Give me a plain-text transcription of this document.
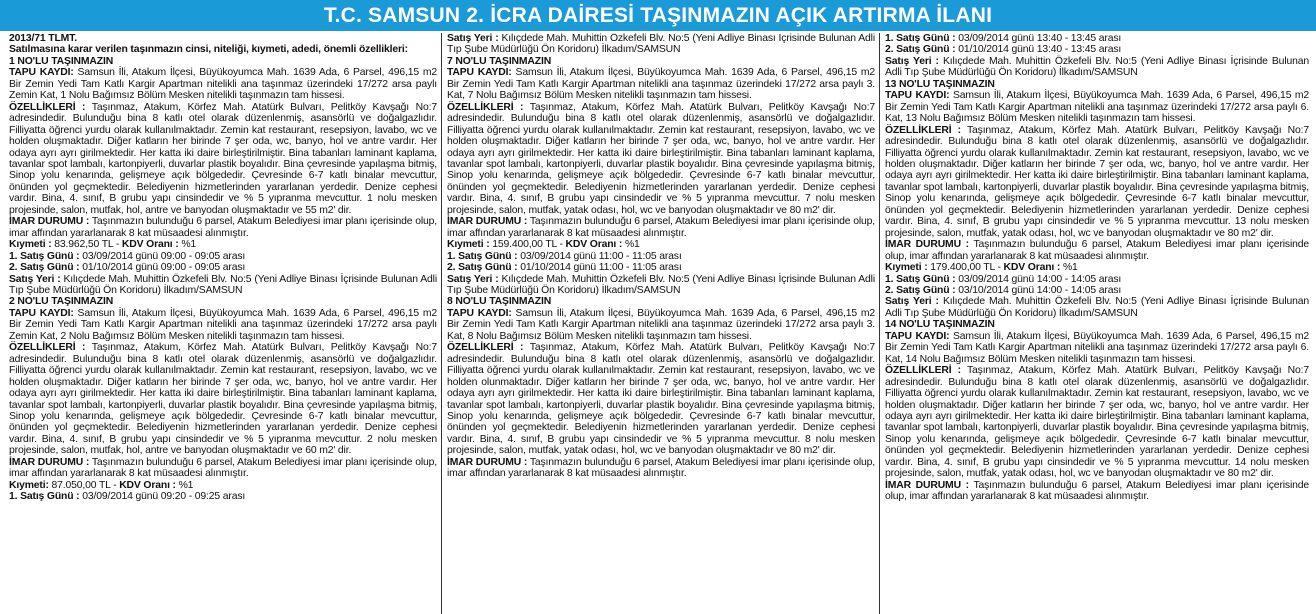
T.C. SAMSUN 2. İCRA DAİRESİ TAŞINMAZIN AÇIK ARTIRMA İLANI
2013/71 TLMT.
Satılmasına karar verilen taşınmazın cinsi, niteliği, kıymeti, adedi, önemli özellikleri:
1 NO'LU TAŞINMAZIN
TAPU KAYDI: Samsun İli, Atakum İlçesi, Büyükoyumca Mah. 1639 Ada, 6 Parsel, 496,15 m2 Bir Zemin Yedi Tam Katlı Kargir Apartman nitelikli ana taşınmaz üzerindeki 17/272 arsa paylı Zemin Kat, 1 Nolu Bağımsız Bölüm Mesken nitelikli taşınmazın tam hissesi.
ÖZELLİKLERİ : Taşınmaz, Atakum, Körfez Mah. Atatürk Bulvarı, Pelitköy Kavşağı No:7 adresindedir. Bulunduğu bina 8 katlı otel olarak düzenlenmiş, asansörlü ve doğalgazlıdır. Filliyatta öğrenci yurdu olarak kullanılmaktadır. Zemin kat restaurant, resepsiyon, lavabo, wc ve holden oluşmaktadır. Diğer katların her birinde 7 şer oda, wc, banyo, hol ve antre vardır. Her odaya ayrı ayrı girilmektedir. Her katta iki daire birleştirilmiştir. Bina tabanları laminant kaplama, tavanlar spot lambalı, kartonpiyerli, duvarlar plastik boyalıdır. Bina çevresinde yapılaşma bitmiş, Sinop yolu kenarında, gelişmeye açık bölgededir. Çevresinde 6-7 katlı binalar mevcuttur, önünden yol geçmektedir. Belediyenin hizmetlerinden yararlanan yerdedir. Denize cephesi vardır. Bina, 4. sınıf, B grubu yapı cinsindedir ve % 5 yıpranma mevcuttur. 1 nolu mesken projesinde, salon, mutfak, hol, antre ve banyodan oluşmaktadır ve 55 m2' dir.
İMAR DURUMU : Taşınmazın bulunduğu 6 parsel, Atakum Belediyesi imar planı içerisinde olup, imar affından yararlanarak 8 kat müsaadesi alınmıştır.
Kıymeti : 83.962,50 TL - KDV Oranı : %1
1. Satış Günü : 03/09/2014 günü 09:00 - 09:05 arası
2. Satış Günü : 01/10/2014 günü 09:00 - 09:05 arası
Satış Yeri : Kılıçdede Mah. Muhittin Özkefeli Blv. No:5 (Yeni Adliye Binası İçrisinde Bulunan Adli Tıp Şube Müdürlüğü Ön Koridoru) İlkadım/SAMSUN
2 NO'LU TAŞINMAZIN
TAPU KAYDI: Samsun İli, Atakum İlçesi, Büyükoyumca Mah. 1639 Ada, 6 Parsel, 496,15 m2 Bir Zemin Yedi Tam Katlı Kargir Apartman nitelikli ana taşınmaz üzerindeki 17/272 arsa paylı Zemin Kat, 2 Nolu Bağımsız Bölüm Mesken nitelikli taşınmazın tam hissesi.
ÖZELLİKLERİ : Taşınmaz, Atakum, Körfez Mah. Atatürk Bulvarı, Pelitköy Kavşağı No:7 adresindedir. Bulunduğu bina 8 katlı otel olarak düzenlenmiş, asansörlü ve doğalgazlıdır. Filliyatta öğrenci yurdu olarak kullanılmaktadır. Zemin kat restaurant, resepsiyon, lavabo, wc ve holden oluşmaktadır. Diğer katların her birinde 7 şer oda, wc, banyo, hol ve antre vardır. Her odaya ayrı ayrı girilmektedir. Her katta iki daire birleştirilmiştir. Bina tabanları laminant kaplama, tavanlar spot lambalı, kartonpiyerli, duvarlar plastik boyalıdır. Bina çevresinde yapılaşma bitmiş, Sinop yolu kenarında, gelişmeye açık bölgededir. Çevresinde 6-7 katlı binalar mevcuttur, önünden yol geçmektedir. Belediyenin hizmetlerinden yararlanan yerdedir. Denize cephesi vardır. Bina, 4. sınıf, B grubu yapı cinsindedir ve % 5 yıpranma mevcuttur. 2 nolu mesken projesinde, salon, mutfak, hol, antre ve banyodan oluşmaktadır ve 60 m2' dir.
İMAR DURUMU : Taşınmazın bulunduğu 6 parsel, Atakum Belediyesi imar planı içerisinde olup, imar affından yararlanarak 8 kat müsaadesi alınmıştır.
Kıymeti: 87.050,00 TL - KDV Oranı : %1
1. Satış Günü : 03/09/2014 günü 09:20 - 09:25 arası
Satış Yeri : Kılıçdede Mah. Muhittin Özkefeli Blv. No:5 (Yeni Adliye Binası İçrisinde Bulunan Adli Tıp Şube Müdürlüğü Ön Koridoru) İlkadım/SAMSUN
7 NO'LU TAŞINMAZIN
TAPU KAYDI: Samsun İli, Atakum İlçesi, Büyükoyumca Mah. 1639 Ada, 6 Parsel, 496,15 m2 Bir Zemin Yedi Tam Katlı Kargir Apartman nitelikli ana taşınmaz üzerindeki 17/272 arsa paylı 3. Kat, 7 Nolu Bağımsız Bölüm Mesken nitelikli taşınmazın tam hissesi.
ÖZELLİKLERİ : Taşınmaz, Atakum, Körfez Mah. Atatürk Bulvarı, Pelitköy Kavşağı No:7 adresindedir. Bulunduğu bina 8 katlı otel olarak düzenlenmiş, asansörlü ve doğalgazlıdır. Filliyatta öğrenci yurdu olarak kullanılmaktadır. Zemin kat restaurant, resepsiyon, lavabo, wc ve holden oluşmaktadır. Diğer katların her birinde 7 şer oda, wc, banyo, hol ve antre vardır. Her odaya ayrı ayrı girilmektedir. Her katta iki daire birleştirilmiştir. Bina tabanları laminant kaplama, tavanlar spot lambalı, kartonpiyerli, duvarlar plastik boyalıdır. Bina çevresinde yapılaşma bitmiş, Sinop yolu kenarında, gelişmeye açık bölgededir. Çevresinde 6-7 katlı binalar mevcuttur, önünden yol geçmektedir. Belediyenin hizmetlerinden yararlanan yerdedir. Denize cephesi vardır. Bina, 4. sınıf, B grubu yapı cinsindedir ve % 5 yıpranma mevcuttur. 7 nolu mesken projesinde, salon, mutfak, yatak odası, hol, wc ve banyodan oluşmaktadır ve 80 m2' dir.
İMAR DURUMU : Taşınmazın bulunduğu 6 parsel, Atakum Belediyesi imar planı içerisinde olup, imar affından yararlanarak 8 kat müsaadesi alınmıştır.
Kıymeti : 159.400,00 TL - KDV Oranı : %1
1. Satış Günü : 03/09/2014 günü 11:00 - 11:05 arası
2. Satış Günü : 01/10/2014 günü 11:00 - 11:05 arası
Satış Yeri : Kılıçdede Mah. Muhittin Özkefeli Blv. No:5 (Yeni Adliye Binası İçrisinde Bulunan Adli Tıp Şube Müdürlüğü Ön Koridoru) İlkadım/SAMSUN
8 NO'LU TAŞINMAZIN
TAPU KAYDI: Samsun İli, Atakum İlçesi, Büyükoyumca Mah. 1639 Ada, 6 Parsel, 496,15 m2 Bir Zemin Yedi Tam Katlı Kargir Apartman nitelikli ana taşınmaz üzerindeki 17/272 arsa paylı 3. Kat, 8 Nolu Bağımsız Bölüm Mesken nitelikli taşınmazın tam hissesi.
ÖZELLİKLERİ : Taşınmaz, Atakum, Körfez Mah. Atatürk Bulvarı, Pelitköy Kavşağı No:7 adresindedir. Bulunduğu bina 8 katlı otel olarak düzenlenmiş, asansörlü ve doğalgazlıdır. Filliyatta öğrenci yurdu olarak kullanılmaktadır. Zemin kat restaurant, resepsiyon, lavabo, wc ve holden olunmaktadır. Diğer katların her birinde 7 şer oda, wc, banyo, hol ve antre vardır. Her odaya ayrı ayrı girilmektedir. Her katta iki daire birleştirilmiştir. Bina tabanları laminant kaplama, tavanlar spot lambalı, kartonpiyerli, duvarlar plastik boyalıdır. Bina çevresinde yapılaşma bitmiş, Sinop yolu kenarında, gelişmeye açık bölgededir. Çevresinde 6-7 katlı binalar mevcuttur, önünden yol geçmektedir. Belediyenin hizmetlerinden yararlanan yerdedir. Denize cephesi vardır. Bina, 4. sınıf, B grubu yapı cinsindedir ve % 5 yıpranma mevcuttur. 8 nolu mesken projesinde, salon, mutfak, yatak odası, hol, wc ve banyodan oluşmaktadır ve 80 m2' dir.
İMAR DURUMU : Taşınmazın bulunduğu 6 parsel, Atakum Belediyesi imar planı içerisinde olup, imar affından yararlanarak 8 kat müsaadesi alınmıştır.
1. Satış Günü : 03/09/2014 günü 13:40 - 13:45 arası
2. Satış Günü : 01/10/2014 günü 13:40 - 13:45 arası
Satış Yeri : Kılıçdede Mah. Muhittin Özkefeli Blv. No:5 (Yeni Adliye Binası İçrisinde Bulunan Adli Tıp Şube Müdürlüğü Ön Koridoru) İlkadım/SAMSUN
13 NO'LU TAŞINMAZIN
TAPU KAYDI: Samsun İli, Atakum İlçesi, Büyükoyumca Mah. 1639 Ada, 6 Parsel, 496,15 m2 Bir Zemin Yedi Tam Katlı Kargir Apartman nitelikli ana taşınmaz üzerindeki 17/272 arsa paylı 6. Kat, 13 Nolu Bağımsız Bölüm Mesken nitelikli taşınmazın tam hissesi.
ÖZELLİKLERİ : Taşınmaz, Atakum, Körfez Mah. Atatürk Bulvarı, Pelitköy Kavşağı No:7 adresindedir. Bulunduğu bina 8 katlı otel olarak düzenlenmiş, asansörlü ve doğalgazlıdır. Filliyatta öğrenci yurdu olarak kullanılmaktadır. Zemin kat restaurant, resepsiyon, lavabo, wc ve holden oluşmaktadır. Diğer katların her birinde 7 şer oda, wc, banyo, hol ve antre vardır. Her odaya ayrı ayrı girilmektedir. Her katta iki daire birleştirilmiştir. Bina tabanları laminant kaplama, tavanlar spot lambalı, kartonpiyerli, duvarlar plastik boyalıdır. Bina çevresinde yapılaşma bitmiş, Sinop yolu kenarında, gelişmeye açık bölgededir. Çevresinde 6-7 katlı binalar mevcuttur, önünden yol geçmektedir. Belediyenin hizmetlerinden yararlanan yerdedir. Denize cephesi vardır. Bina, 4. sınıf, B grubu yapı cinsindedir ve % 5 yıpranma mevcuttur. 13 nolu mesken projesinde, salon, mutfak, yatak odası, hol, wc ve banyodan oluşmaktadır ve 80 m2' dir.
İMAR DURUMU : Taşınmazın bulunduğu 6 parsel, Atakum Belediyesi imar planı içerisinde olup, imar affından yararlanarak 8 kat müsaadesi alınmıştır.
Kıymeti : 179.400,00 TL - KDV Oranı : %1
1. Satış Günü : 03/09/2014 günü 14:00 - 14:05 arası
2. Satış Günü : 03/10/2014 günü 14:00 - 14:05 arası
Satış Yeri : Kılıçdede Mah. Muhittin Özkefeli Blv. No:5 (Yeni Adliye Binası İçrisinde Bulunan Adli Tıp Şube Müdürlüğü Ön Koridoru) İlkadım/SAMSUN
14 NO'LU TAŞINMAZIN
TAPU KAYDI: Samsun İli, Atakum İlçesi, Büyükoyumca Mah. 1639 Ada, 6 Parsel, 496,15 m2 Bir Zemin Yedi Tam Katlı Kargir Apartman nitelikli ana taşınmaz üzerindeki 17/272 arsa paylı 6. Kat, 14 Nolu Bağımsız Bölüm Mesken nitelikli taşınmazın tam hissesi.
ÖZELLİKLERİ : Taşınmaz, Atakum, Körfez Mah. Atatürk Bulvarı, Pelitköy Kavşağı No:7 adresindedir. Bulunduğu bina 8 katlı otel olarak düzenlenmiş, asansörlü ve doğalgazlıdır. Filliyatta öğrenci yurdu olarak kullanılmaktadır. Zemin kat restaurant, resepsiyon, lavabo, wc ve holden oluşmaktadır. Diğer katların her birinde 7 şer oda, wc, banyo, hol ve antre vardır. Her odaya ayrı ayrı girilmektedir. Her katta iki daire birleştirilmiştir. Bina tabanları laminant kaplama, tavanlar spot lambalı, kartonpiyerli, duvarlar plastik boyalıdır. Bina çevresinde yapılaşma bitmiş, Sinop yolu kenarında, gelişmeye açık bölgededir. Çevresinde 6-7 katlı binalar mevcuttur, önünden yol geçmektedir. Belediyenin hizmetlerinden yararlanan yerdedir. Denize cephesi vardır. Bina, 4. sınıf, B grubu yapı cinsindedir ve % 5 yıpranma mevcuttur. 14 nolu mesken projesinde, salon, mutfak, yatak odası, hol, wc ve banyodan oluşmaktadır ve 80 m2' dir.
İMAR DURUMU : Taşınmazın bulunduğu 6 parsel, Atakum Belediyesi imar planı içerisinde olup, imar affından yararlanarak 8 kat müsaadesi alınmıştır.
